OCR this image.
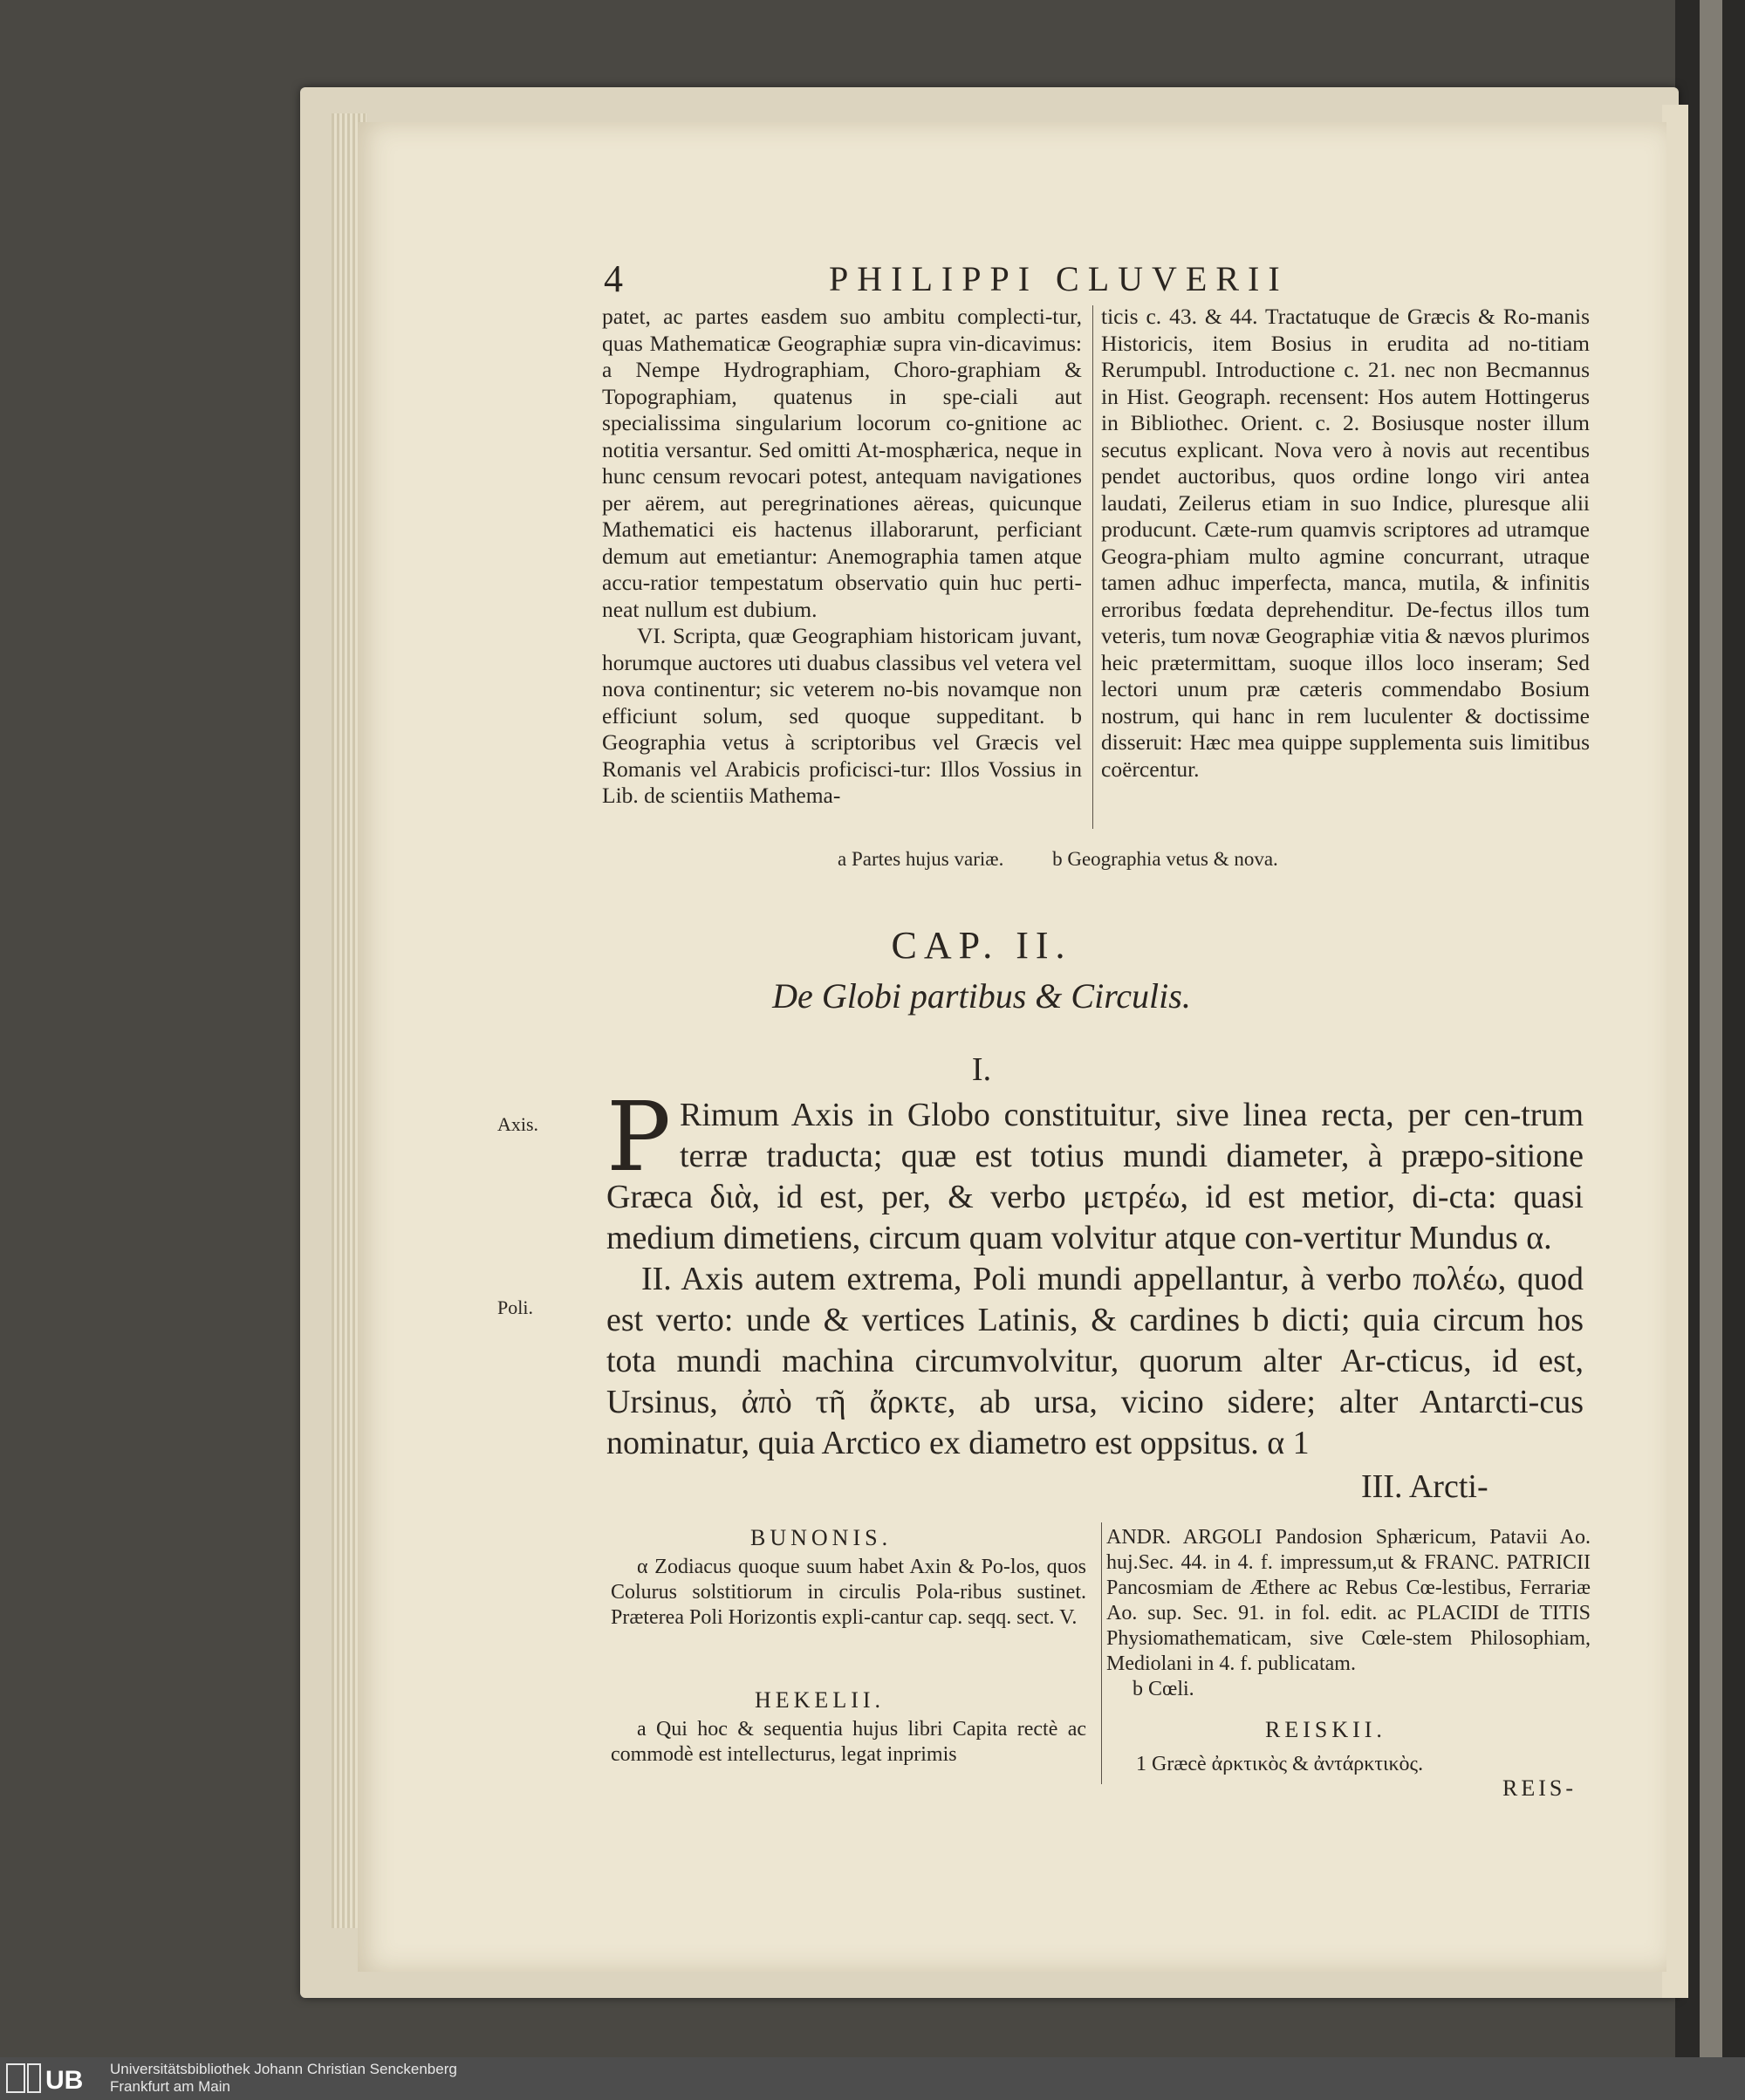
4	PHILIPPI CLUVERII

patet, ac partes easdem suo ambitu complecti-tur, quas Mathematicæ Geographiæ supra vin-dicavimus: a Nempe Hydrographiam, Choro-graphiam & Topographiam, quatenus in spe-ciali aut specialissima singularium locorum co-gnitione ac notitia versantur. Sed omitti At-mosphærica, neque in hunc censum revocari potest, antequam navigationes per aërem, aut peregrinationes aëreas, quicunque Mathematici eis hactenus illaborarunt, perficiant demum aut emetiantur: Anemographia tamen atque accu-ratior tempestatum observatio quin huc perti-neat nullum est dubium.

VI. Scripta, quæ Geographiam historicam juvant, horumque auctores uti duabus classibus vel vetera vel nova continentur; sic veterem no-bis novamque non efficiunt solum, sed quoque suppeditant. b Geographia vetus à scriptoribus vel Græcis vel Romanis vel Arabicis proficisci-tur: Illos Vossius in Lib. de scientiis Mathema-

ticis c. 43. & 44. Tractatuque de Græcis & Ro-manis Historicis, item Bosius in erudita ad no-titiam Rerumpubl. Introductione c. 21. nec non Becmannus in Hist. Geograph. recensent: Hos autem Hottingerus in Bibliothec. Orient. c. 2. Bosiusque noster illum secutus explicant. Nova vero à novis aut recentibus pendet auctoribus, quos ordine longo viri antea laudati, Zeilerus etiam in suo Indice, pluresque alii producunt. Cæte-rum quamvis scriptores ad utramque Geogra-phiam multo agmine concurrant, utraque tamen adhuc imperfecta, manca, mutila, & infinitis erroribus fœdata deprehenditur. De-fectus illos tum veteris, tum novæ Geographiæ vitia & nævos plurimos heic prætermittam, suoque illos loco inseram; Sed lectori unum præ cæteris commendabo Bosium nostrum, qui hanc in rem luculenter & doctissime disseruit: Hæc mea quippe supplementa suis limitibus coërcentur.

a Partes hujus variæ. b Geographia vetus & nova.
CAP. II.
De Globi partibus & Circulis.
I.
Axis.
Poli.

P Rimum Axis in Globo constituitur, sive linea recta, per cen-trum terræ traducta; quæ est totius mundi diameter, à præpo-sitione Græca διὰ, id est, per, & verbo μετρέω, id est metior, di-cta: quasi medium dimetiens, circum quam volvitur atque con-vertitur Mundus α.

II. Axis autem extrema, Poli mundi appellantur, à verbo πολέω, quod est verto: unde & vertices Latinis, & cardines b dicti; quia circum hos tota mundi machina circumvolvitur, quorum alter Ar-cticus, id est, Ursinus, ἀπὸ τῆ ἄρκτε, ab ursa, vicino sidere; alter Antarcti-cus nominatur, quia Arctico ex diametro est oppsitus. α 1

III. Arcti-
BUNONIS.

α Zodiacus quoque suum habet Axin & Po-los, quos Colurus solstitiorum in circulis Pola-ribus sustinet. Præterea Poli Horizontis expli-cantur cap. seqq. sect. V.

HEKELII.

a Qui hoc & sequentia hujus libri Capita rectè ac commodè est intellecturus, legat inprimis

ANDR. ARGOLI Pandosion Sphæricum, Patavii Ao. huj.Sec. 44. in 4. f. impressum,ut & FRANC. PATRICII Pancosmiam de Æthere ac Rebus Cœ-lestibus, Ferrariæ Ao. sup. Sec. 91. in fol. edit. ac PLACIDI de TITIS Physiomathematicam, sive Cœle-stem Philosophiam, Mediolani in 4. f. publicatam.

b Cœli.

REISKII.

1 Græcè ἀρκτικὸς & ἀντάρκτικὸς.

REIS-
UB Universitätsbibliothek Johann Christian Senckenberg
Frankfurt am Main
